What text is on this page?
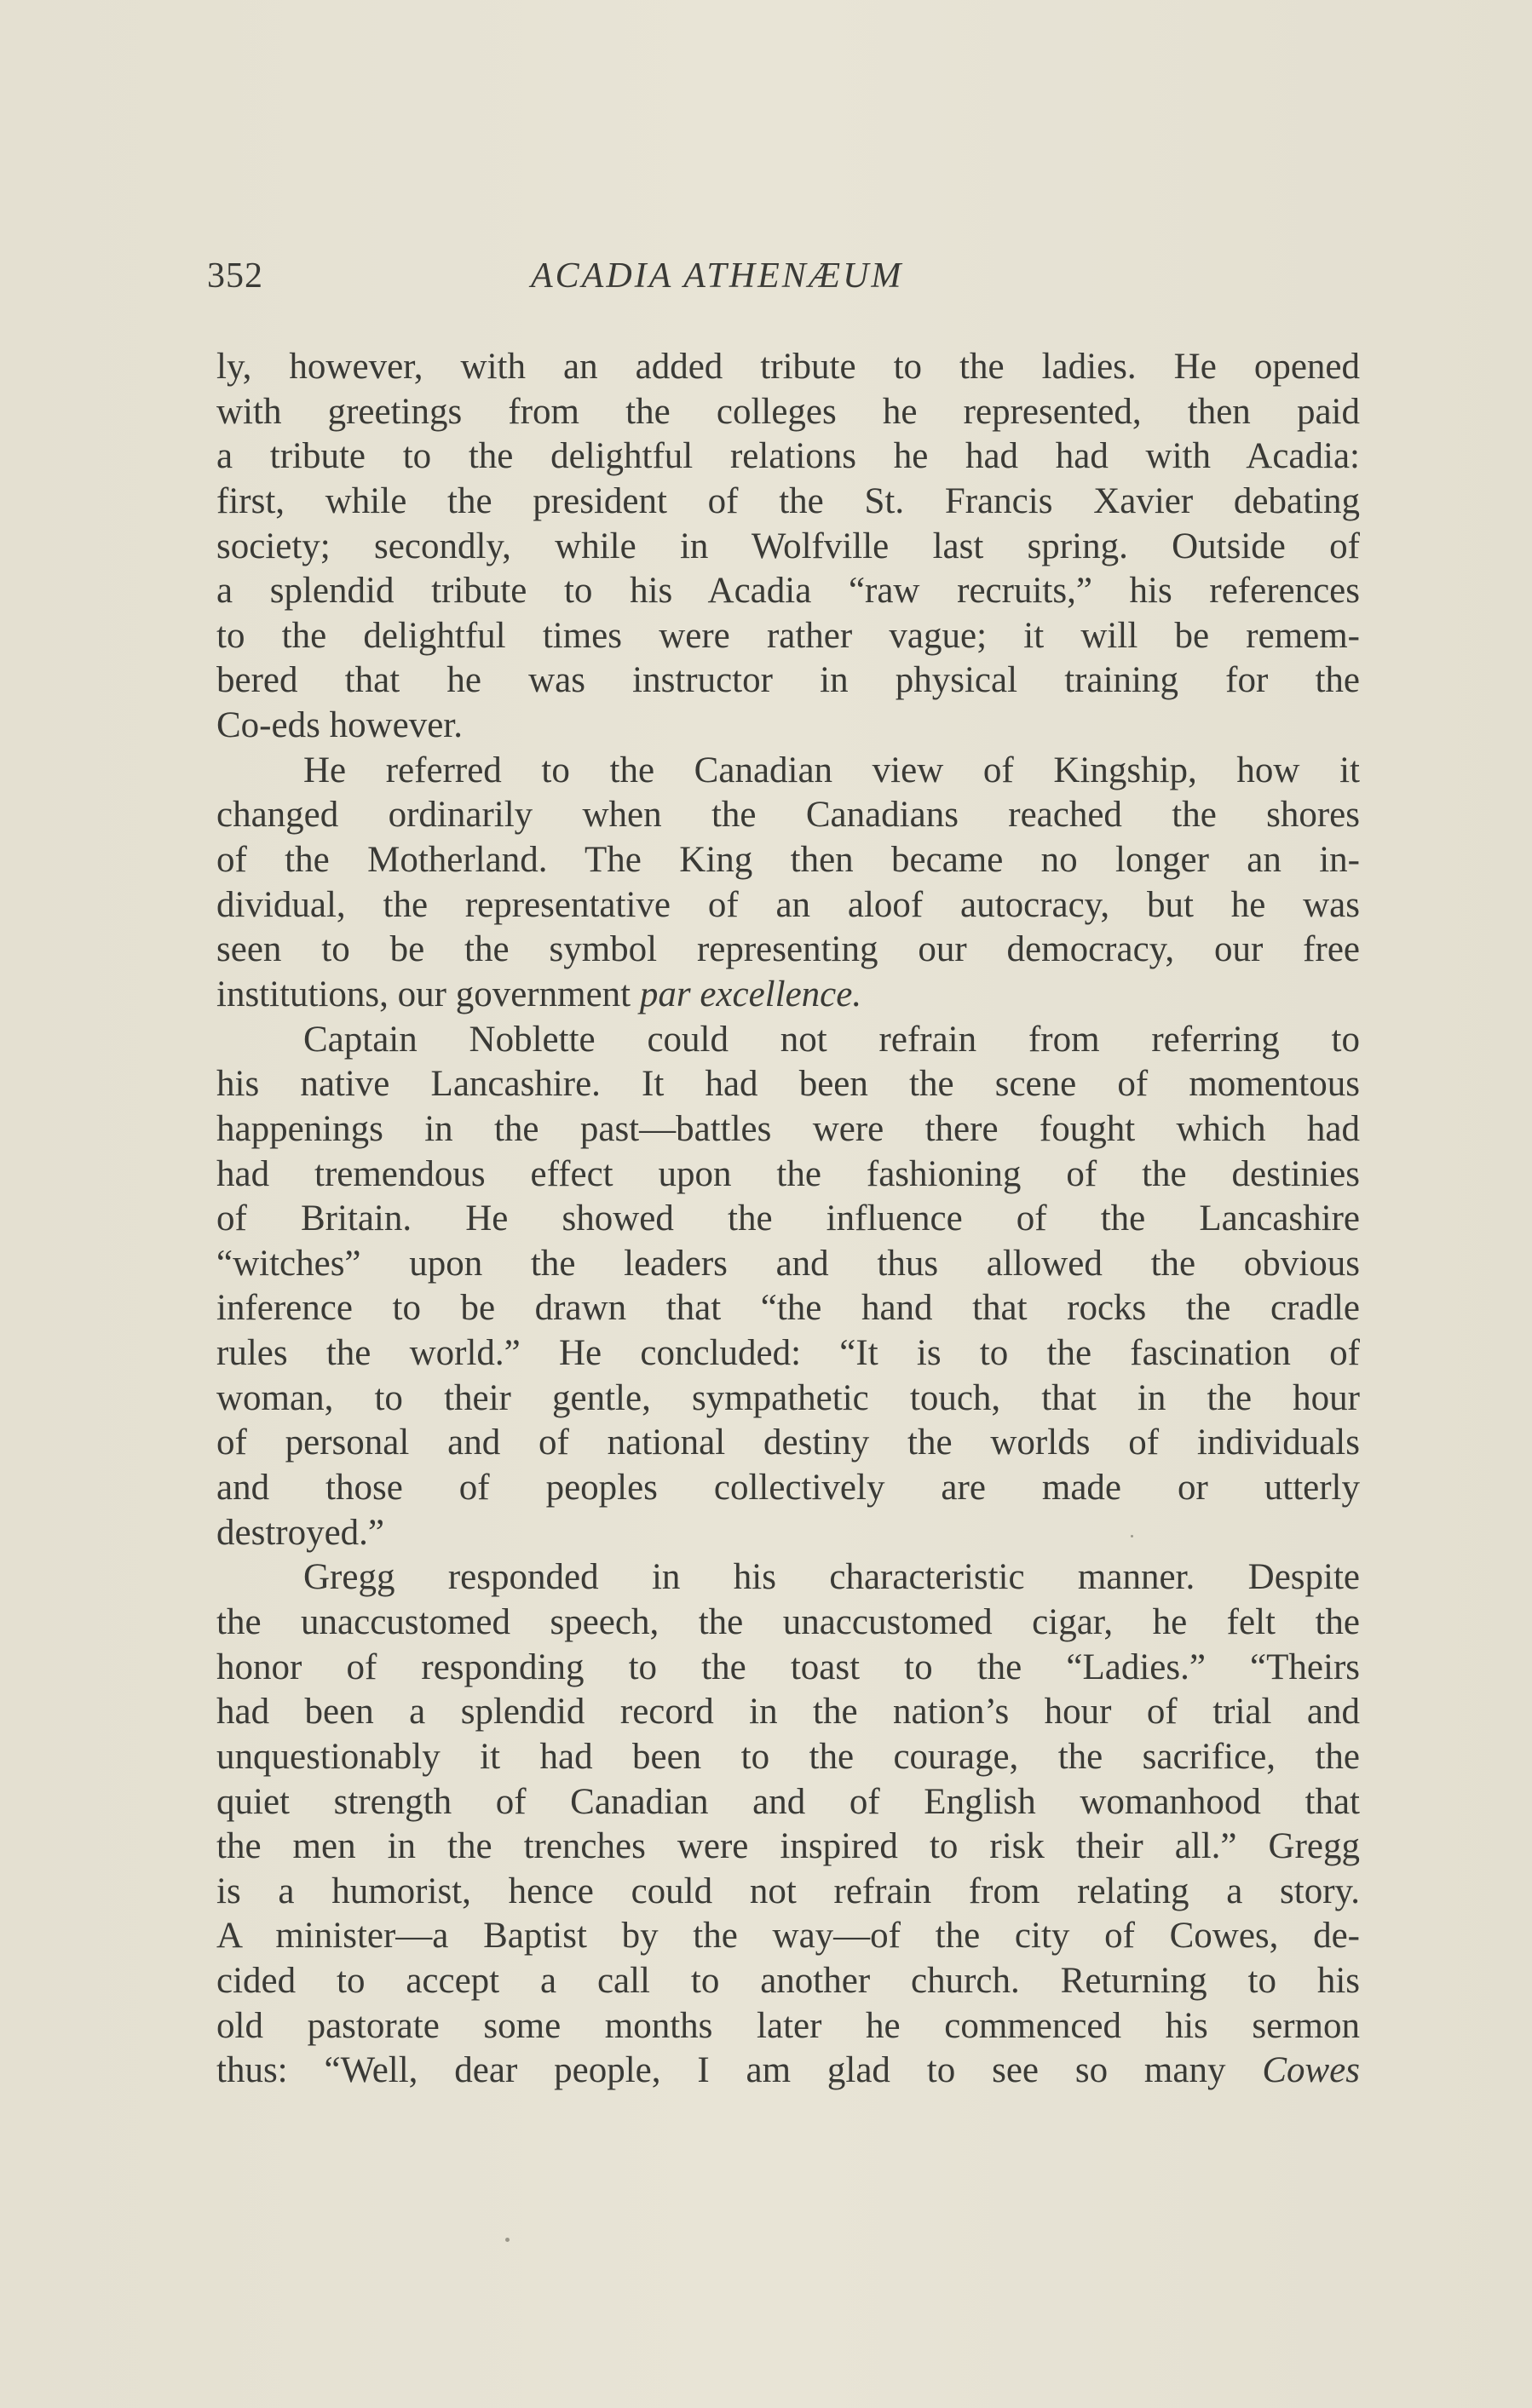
352	ACADIA ATHENÆUM
ly, however, with an added tribute to the ladies. He opened
with greetings from the colleges he represented, then paid
a tribute to the delightful relations he had had with Acadia:
first, while the president of the St. Francis Xavier debating
society; secondly, while in Wolfville last spring. Outside of
a splendid tribute to his Acadia “raw recruits,” his references
to the delightful times were rather vague; it will be remem-
bered that he was instructor in physical training for the
Co-eds however.
He referred to the Canadian view of Kingship, how it
changed ordinarily when the Canadians reached the shores
of the Motherland. The King then became no longer an in-
dividual, the representative of an aloof autocracy, but he was
seen to be the symbol representing our democracy, our free
institutions, our government par excellence.
Captain Noblette could not refrain from referring to
his native Lancashire. It had been the scene of momentous
happenings in the past—battles were there fought which had
had tremendous effect upon the fashioning of the destinies
of Britain. He showed the influence of the Lancashire
“witches” upon the leaders and thus allowed the obvious
inference to be drawn that “the hand that rocks the cradle
rules the world.” He concluded: “It is to the fascination of
woman, to their gentle, sympathetic touch, that in the hour
of personal and of national destiny the worlds of individuals
and those of peoples collectively are made or utterly
destroyed.”
Gregg responded in his characteristic manner. Despite
the unaccustomed speech, the unaccustomed cigar, he felt the
honor of responding to the toast to the “Ladies.” “Theirs
had been a splendid record in the nation’s hour of trial and
unquestionably it had been to the courage, the sacrifice, the
quiet strength of Canadian and of English womanhood that
the men in the trenches were inspired to risk their all.” Gregg
is a humorist, hence could not refrain from relating a story.
A minister—a Baptist by the way—of the city of Cowes, de-
cided to accept a call to another church. Returning to his
old pastorate some months later he commenced his sermon
thus: “Well, dear people, I am glad to see so many Cowes
